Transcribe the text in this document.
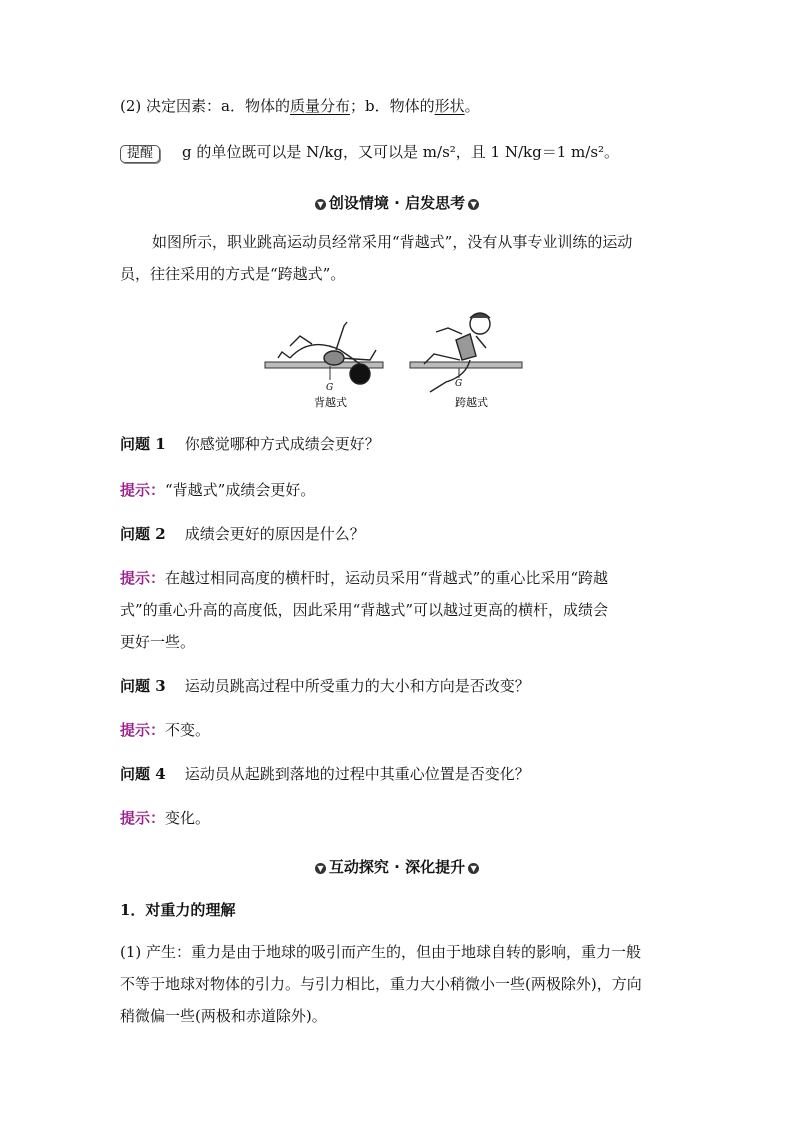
(2) 决定因素：a．物体的质量分布；b．物体的形状。
提醒 g 的单位既可以是 N/kg，又可以是 m/s²，且 1 N/kg＝1 m/s²。
▼ 创设情境 · 启发思考 ▼
如图所示，职业跳高运动员经常采用“背越式”，没有从事专业训练的运动
员，往往采用的方式是“跨越式”。
G
背越式
G
跨越式
问题 1 你感觉哪种方式成绩会更好？
提示：“背越式”成绩会更好。
问题 2 成绩会更好的原因是什么？
提示：在越过相同高度的横杆时，运动员采用“背越式”的重心比采用“跨越
式”的重心升高的高度低，因此采用“背越式”可以越过更高的横杆，成绩会
更好一些。
问题 3 运动员跳高过程中所受重力的大小和方向是否改变？
提示：不变。
问题 4 运动员从起跳到落地的过程中其重心位置是否变化？
提示：变化。
▼ 互动探究 · 深化提升 ▼
1．对重力的理解
(1) 产生：重力是由于地球的吸引而产生的，但由于地球自转的影响，重力一般
不等于地球对物体的引力。与引力相比，重力大小稍微小一些(两极除外)，方向
稍微偏一些(两极和赤道除外)。
